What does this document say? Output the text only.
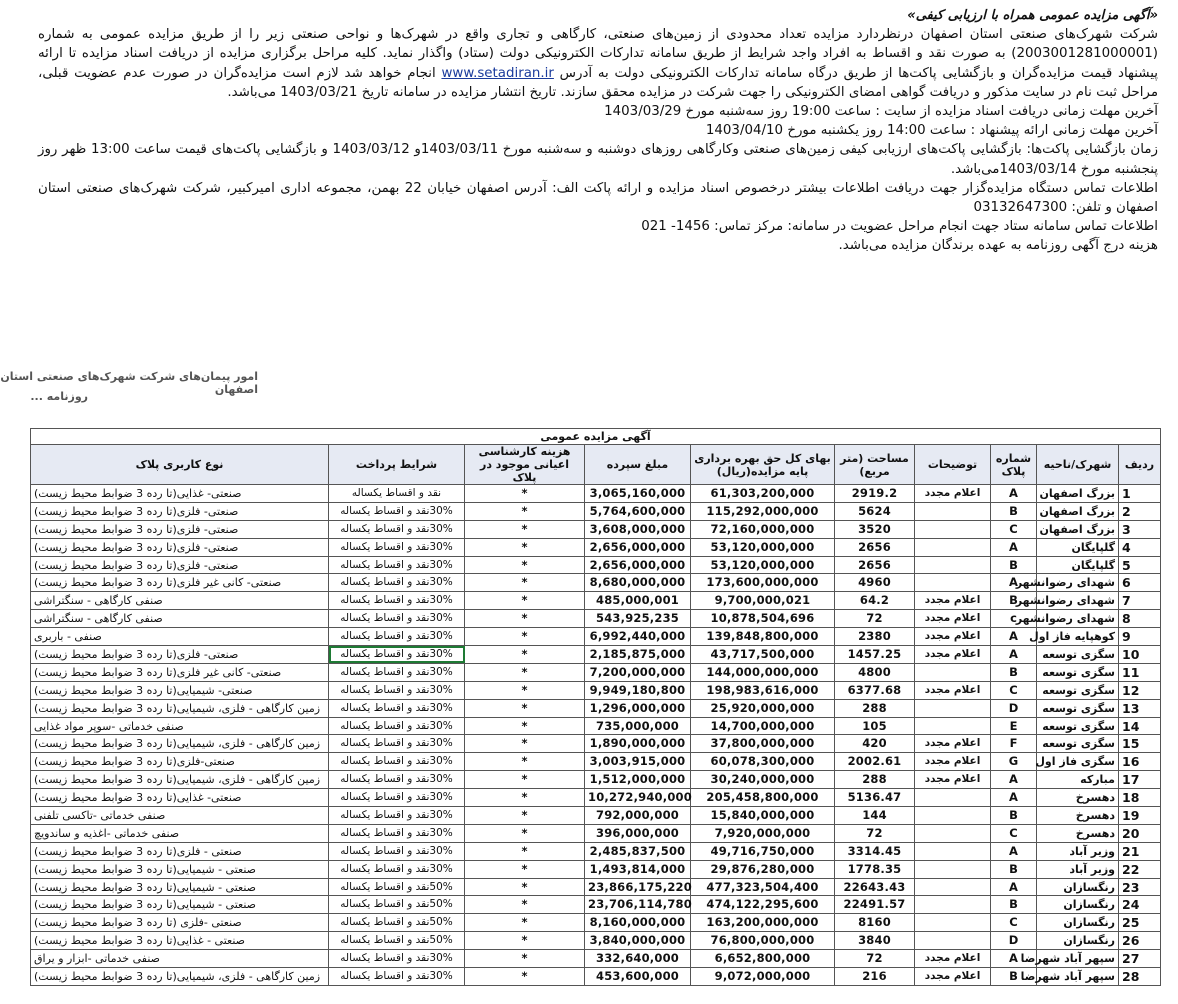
«آگهی مزایده عمومی همراه با ارزیابی کیفی»

شرکت شهرک‌های صنعتی استان اصفهان درنظردارد مزایده تعداد محدودی از زمین‌های صنعتی، کارگاهی و تجاری واقع در شهرک‌ها و نواحی صنعتی زیر را از طریق مزایده عمومی به شماره (2003001281000001) به صورت نقد و اقساط به افراد واجد شرایط از طریق سامانه تدارکات الکترونیکی دولت (ستاد) واگذار نماید. کلیه مراحل برگزاری مزایده از دریافت اسناد مزایده تا ارائه پیشنهاد قیمت مزایده‌گران و بازگشایی پاکت‌ها از طریق درگاه سامانه تدارکات الکترونیکی دولت به آدرس www.setadiran.ir انجام خواهد شد لازم است مزایده‌گران در صورت عدم عضویت قبلی، مراحل ثبت نام در سایت مذکور و دریافت گواهی امضای الکترونیکی را جهت شرکت در مزایده محقق سازند. تاریخ انتشار مزایده در سامانه تاریخ 1403/03/21 می‌باشد.

آخرین مهلت زمانی دریافت اسناد مزایده از سایت : ساعت 19:00 روز سه‌شنبه مورخ 1403/03/29

آخرین مهلت زمانی ارائه پیشنهاد : ساعت 14:00 روز یکشنبه مورخ 1403/04/10

زمان بازگشایی پاکت‌ها: بازگشایی پاکت‌های ارزیابی کیفی زمین‌های صنعتی وکارگاهی روزهای دوشنبه و سه‌شنبه مورخ 1403/03/11و 1403/03/12 و بازگشایی پاکت‌های قیمت ساعت 13:00 ظهر روز پنجشنبه مورخ 1403/03/14می‌باشد.

اطلاعات تماس دستگاه مزایده‌گزار جهت دریافت اطلاعات بیشتر درخصوص اسناد مزایده و ارائه پاکت الف: آدرس اصفهان خیابان 22 بهمن، مجموعه اداری امیرکبیر، شرکت شهرک‌های صنعتی استان اصفهان و تلفن: 03132647300

اطلاعات تماس سامانه ستاد جهت انجام مراحل عضویت در سامانه: مرکز تماس: 1456- 021

هزینه درج آگهی روزنامه به عهده برندگان مزایده می‌باشد.

امور پیمان‌های شرکت شهرک‌های صنعتی استان اصفهان
روزنامه ...
آگهی مزایده عمومی									
ردیف	شهرک/ناحیه	شماره پلاک	توضیحات	مساحت (متر مربع)	بهای کل حق بهره برداری پایه مزایده(ریال)	مبلغ سپرده	هزینه کارشناسی اعیانی موجود در پلاک	شرایط پرداخت	نوع کاربری پلاک
1	بزرگ اصفهان	A	اعلام مجدد	2919.2	61,303,200,000	3,065,160,000	*	نقد و اقساط یکساله	صنعتی- غذایی(تا رده 3 ضوابط محیط زیست)
2	بزرگ اصفهان	B		5624	115,292,000,000	5,764,600,000	*	30%نقد و اقساط یکساله	صنعتی- فلزی(تا رده 3 ضوابط محیط زیست)
3	بزرگ اصفهان	C		3520	72,160,000,000	3,608,000,000	*	30%نقد و اقساط یکساله	صنعتی- فلزی(تا رده 3 ضوابط محیط زیست)
4	گلپایگان	A		2656	53,120,000,000	2,656,000,000	*	30%نقد و اقساط یکساله	صنعتی- فلزی(تا رده 3 ضوابط محیط زیست)
5	گلپایگان	B		2656	53,120,000,000	2,656,000,000	*	30%نقد و اقساط یکساله	صنعتی- فلزی(تا رده 3 ضوابط محیط زیست)
6	شهدای رضوانشهر	A		4960	173,600,000,000	8,680,000,000	*	30%نقد و اقساط یکساله	صنعتی- کانی غیر فلزی(تا رده 3 ضوابط محیط زیست)
7	شهدای رضوانشهر	B	اعلام مجدد	64.2	9,700,000,021	485,000,001	*	30%نقد و اقساط یکساله	صنفی کارگاهی - سنگتراشی
8	شهدای رضوانشهر	c	اعلام مجدد	72	10,878,504,696	543,925,235	*	30%نقد و اقساط یکساله	صنفی کارگاهی - سنگتراشی
9	کوهپایه فاز اول	A	اعلام مجدد	2380	139,848,800,000	6,992,440,000	*	30%نقد و اقساط یکساله	صنفی - باربری
10	سگزی توسعه	A	اعلام مجدد	1457.25	43,717,500,000	2,185,875,000	*	30%نقد و اقساط یکساله	صنعتی- فلزی(تا رده 3 ضوابط محیط زیست)
11	سگزی توسعه	B		4800	144,000,000,000	7,200,000,000	*	30%نقد و اقساط یکساله	صنعتی- کانی غیر فلزی(تا رده 3 ضوابط محیط زیست)
12	سگزی توسعه	C	اعلام مجدد	6377.68	198,983,616,000	9,949,180,800	*	30%نقد و اقساط یکساله	صنعتی- شیمیایی(تا رده 3 ضوابط محیط زیست)
13	سگزی توسعه	D		288	25,920,000,000	1,296,000,000	*	30%نقد و اقساط یکساله	زمین کارگاهی - فلزی، شیمیایی(تا رده 3 ضوابط محیط زیست)
14	سگزی توسعه	E		105	14,700,000,000	735,000,000	*	30%نقد و اقساط یکساله	صنفی خدماتی -سوپر مواد غذایی
15	سگزی توسعه	F	اعلام مجدد	420	37,800,000,000	1,890,000,000	*	30%نقد و اقساط یکساله	زمین کارگاهی - فلزی، شیمیایی(تا رده 3 ضوابط محیط زیست)
16	سگزی فاز اول	G	اعلام مجدد	2002.61	60,078,300,000	3,003,915,000	*	30%نقد و اقساط یکساله	صنعتی-فلزی(تا رده 3 ضوابط محیط زیست)
17	مبارکه	A	اعلام مجدد	288	30,240,000,000	1,512,000,000	*	30%نقد و اقساط یکساله	زمین کارگاهی - فلزی، شیمیایی(تا رده 3 ضوابط محیط زیست)
18	دهسرخ	A		5136.47	205,458,800,000	10,272,940,000	*	30%نقد و اقساط یکساله	صنعتی- غذایی(تا رده 3 ضوابط محیط زیست)
19	دهسرخ	B		144	15,840,000,000	792,000,000	*	30%نقد و اقساط یکساله	صنفی خدماتی -تاکسی تلفنی
20	دهسرخ	C		72	7,920,000,000	396,000,000	*	30%نقد و اقساط یکساله	صنفی خدماتی -اغذیه و ساندویچ
21	وزیر آباد	A		3314.45	49,716,750,000	2,485,837,500	*	30%نقد و اقساط یکساله	صنعتی - فلزی(تا رده 3 ضوابط محیط زیست)
22	وزیر آباد	B		1778.35	29,876,280,000	1,493,814,000	*	30%نقد و اقساط یکساله	صنعتی - شیمیایی(تا رده 3 ضوابط محیط زیست)
23	رنگسازان	A		22643.43	477,323,504,400	23,866,175,220	*	50%نقد و اقساط یکساله	صنعتی - شیمیایی(تا رده 3 ضوابط محیط زیست)
24	رنگسازان	B		22491.57	474,122,295,600	23,706,114,780	*	50%نقد و اقساط یکساله	صنعتی - شیمیایی(تا رده 3 ضوابط محیط زیست)
25	رنگسازان	C		8160	163,200,000,000	8,160,000,000	*	50%نقد و اقساط یکساله	صنعتی -فلزی (تا رده 3 ضوابط محیط زیست)
26	رنگسازان	D		3840	76,800,000,000	3,840,000,000	*	50%نقد و اقساط یکساله	صنعتی - غذایی(تا رده 3 ضوابط محیط زیست)
27	سپهر آباد شهرضا	A	اعلام مجدد	72	6,652,800,000	332,640,000	*	30%نقد و اقساط یکساله	صنفی خدماتی -ابزار و یراق
28	سپهر آباد شهرضا	B	اعلام مجدد	216	9,072,000,000	453,600,000	*	30%نقد و اقساط یکساله	زمین کارگاهی - فلزی، شیمیایی(تا رده 3 ضوابط محیط زیست)
